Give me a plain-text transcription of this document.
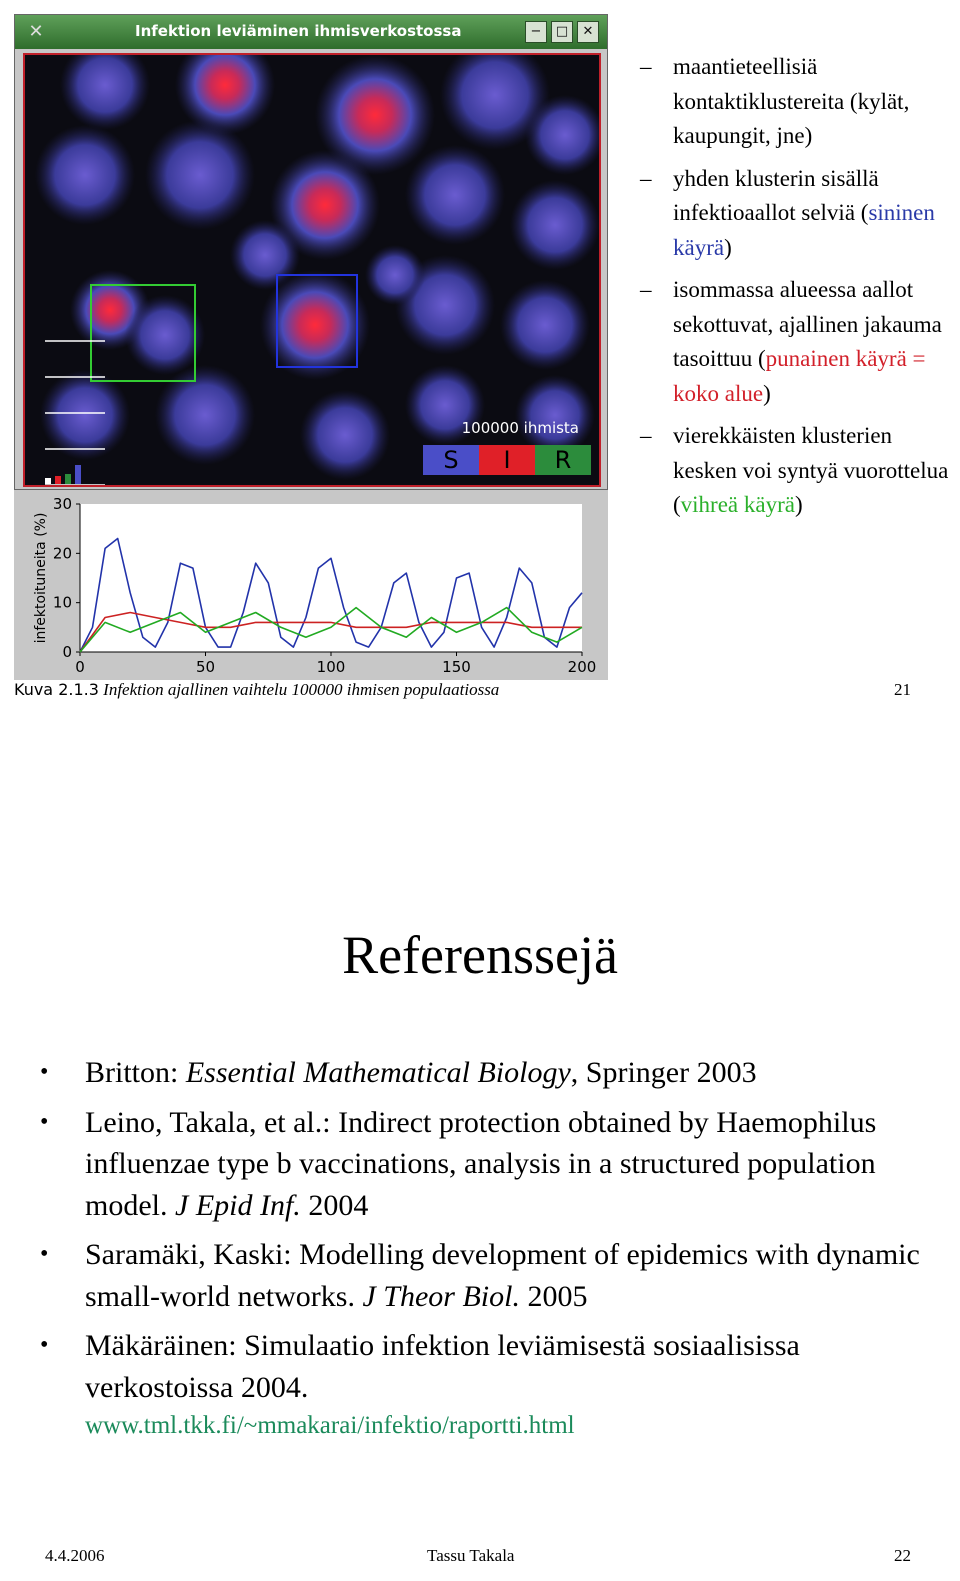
✕	Infektion leviäminen ihmisverkostossa	−	□	✕
100000 ihmista
S	I	R
0	50	100	150	200
0
10
20
30
infektoituneita (%)
Kuva 2.1.3 Infektion ajallinen vaihtelu 100000 ihmisen populaatiossa
– maantieteellisiä kontaktiklustereita (kylät, kaupungit, jne)
– yhden klusterin sisällä infektioaallot selviä (sininen käyrä)
– isommassa alueessa aallot sekottuvat, ajallinen jakauma tasoittuu (punainen käyrä = koko alue)
– vierekkäisten klusterien kesken voi syntyä vuorottelua (vihreä käyrä)
21
Referenssejä
• Britton: Essential Mathematical Biology, Springer 2003
• Leino, Takala, et al.: Indirect protection obtained by Haemophilus influenzae type b vaccinations, analysis in a structured population model. J Epid Inf. 2004
• Saramäki, Kaski: Modelling development of epidemics with dynamic small-world networks. J Theor Biol. 2005
• Mäkäräinen: Simulaatio infektion leviämisestä sosiaalisissa verkostoissa 2004.
www.tml.tkk.fi/~mmakarai/infektio/raportti.html
4.4.2006	Tassu Takala	22
